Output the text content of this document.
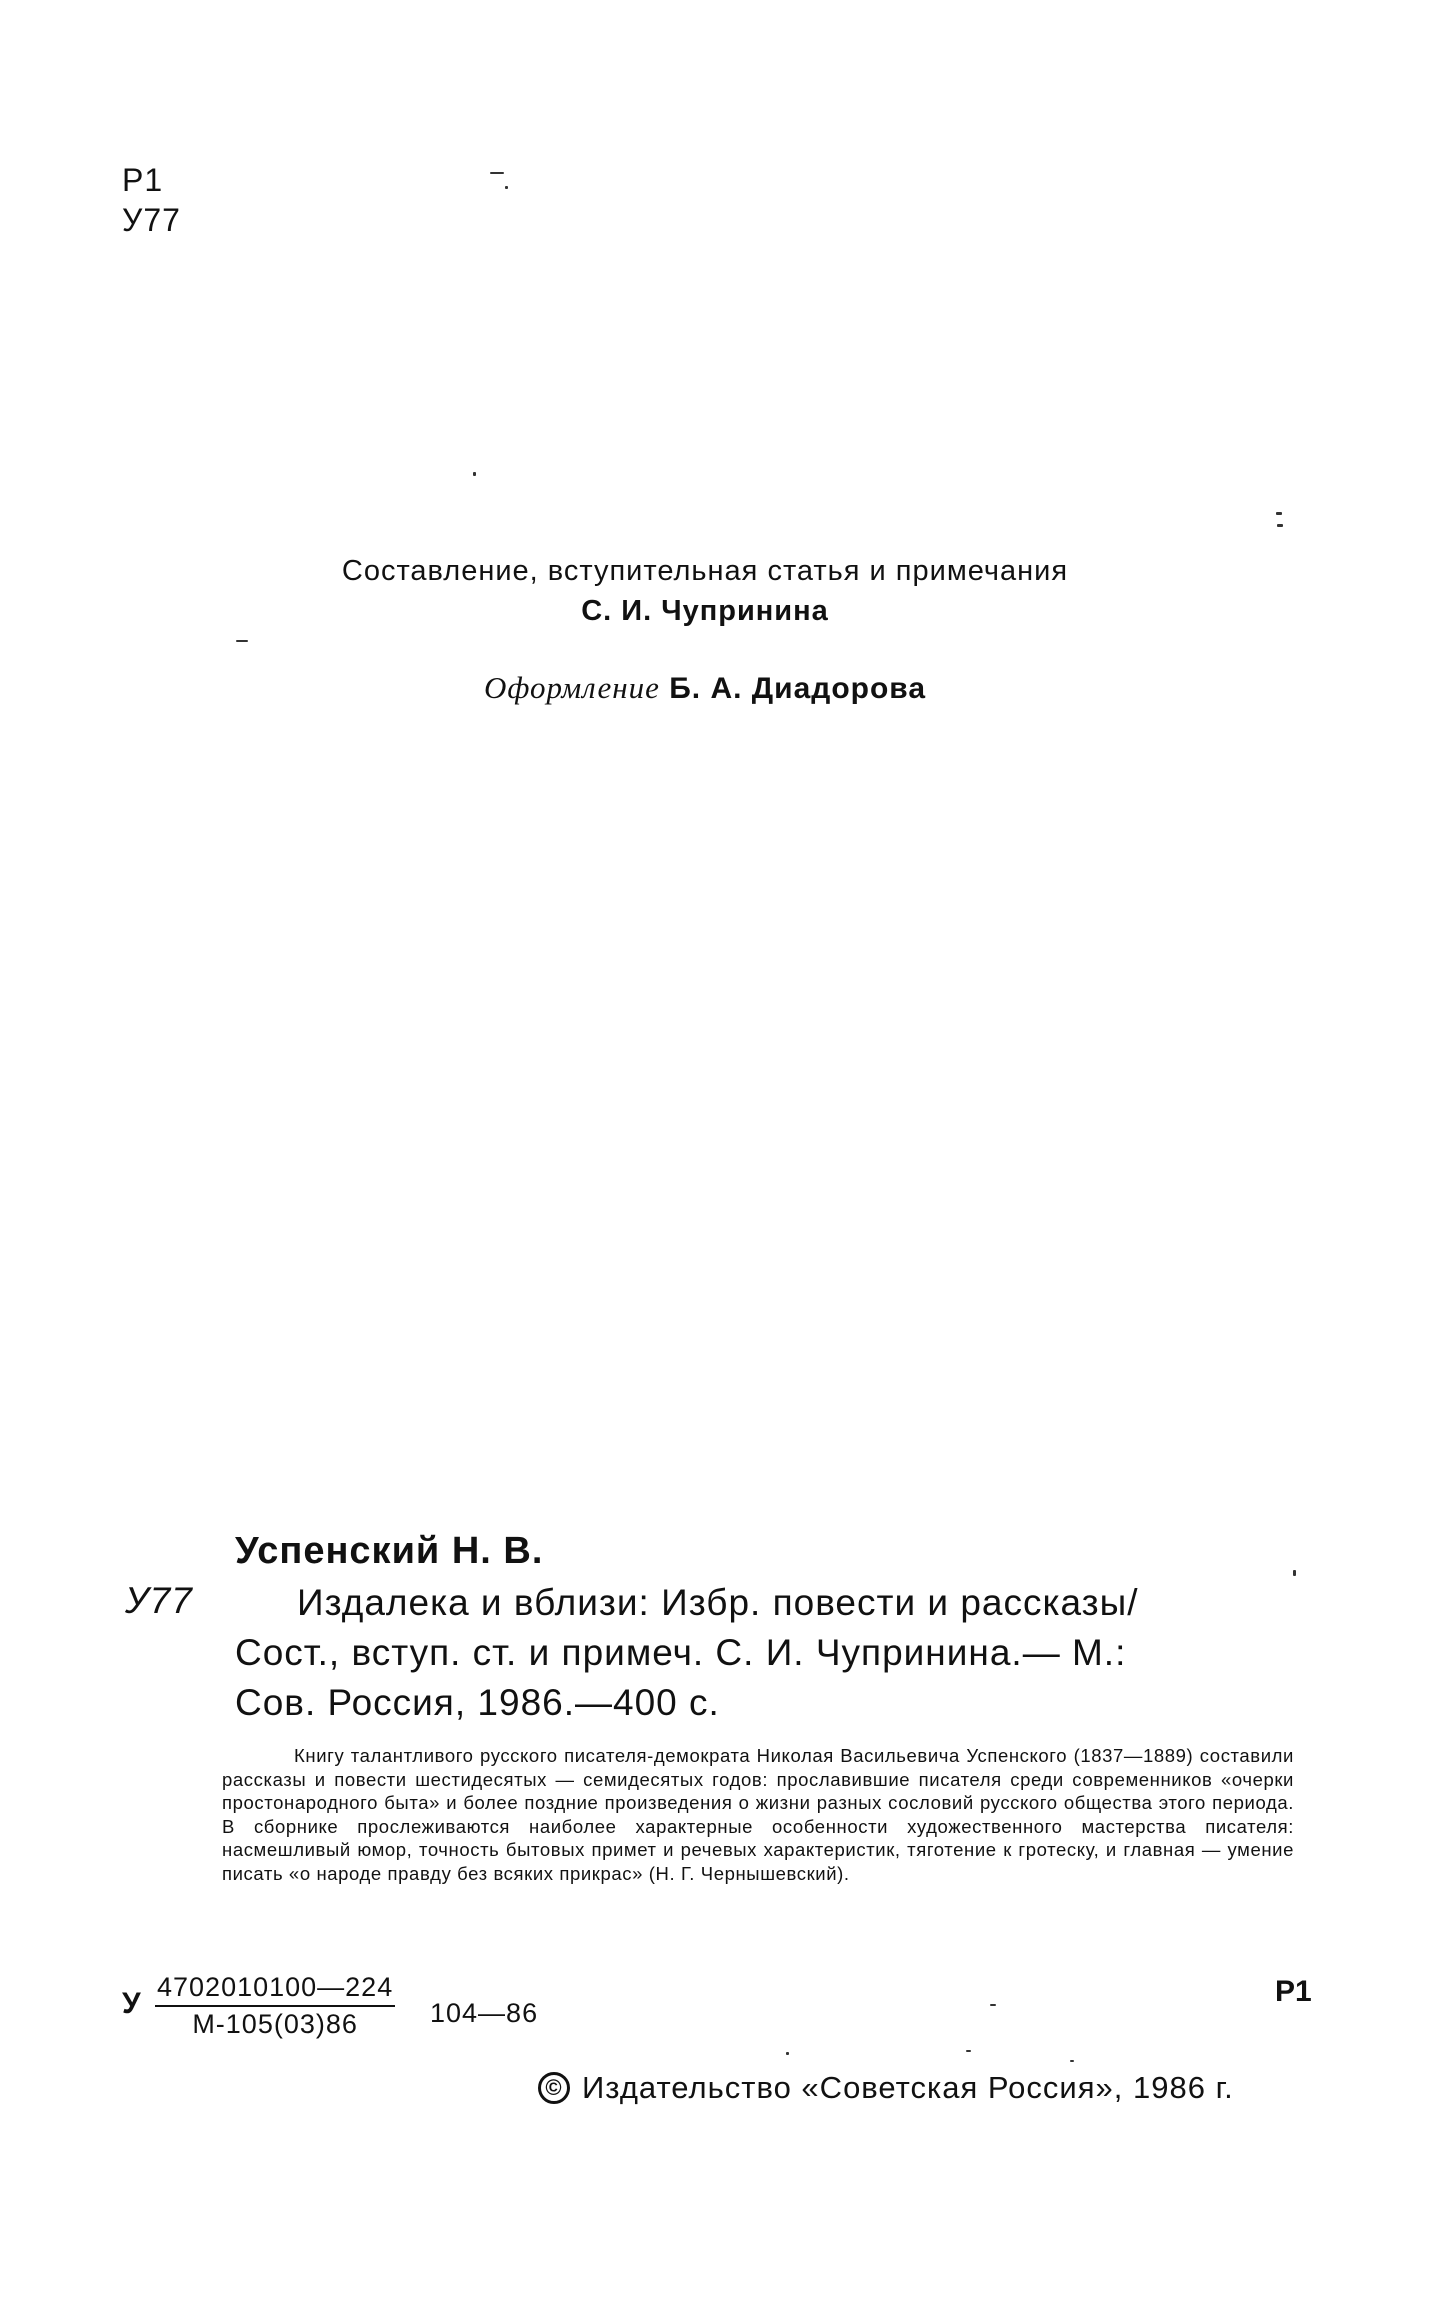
Р1
У77
Составление, вступительная статья и примечания
С. И. Чупринина
Оформление Б. А. Диадорова
Успенский Н. В.
У77	Издалека и вблизи: Избр. повести и рассказы/
Сост., вступ. ст. и примеч. С. И. Чупринина.— М.:
Сов. Россия, 1986.—400 с.
Книгу талантливого русского писателя-демократа Николая Васильевича Успенского (1837—1889) составили рассказы и повести шестидесятых — семидесятых годов: прославившие писателя среди современников «очерки простонародного быта» и более поздние произведения о жизни разных сословий русского общества этого периода. В сборнике прослеживаются наиболее характерные особенности художественного мастерства писателя: насмешливый юмор, точность бытовых примет и речевых характеристик, тяготение к гротеску, и главная — умение писать «о народе правду без всяких прикрас» (Н. Г. Чернышевский).
У 4702010100—224
М-105(03)86	104—86
Р1
© Издательство «Советская Россия», 1986 г.
